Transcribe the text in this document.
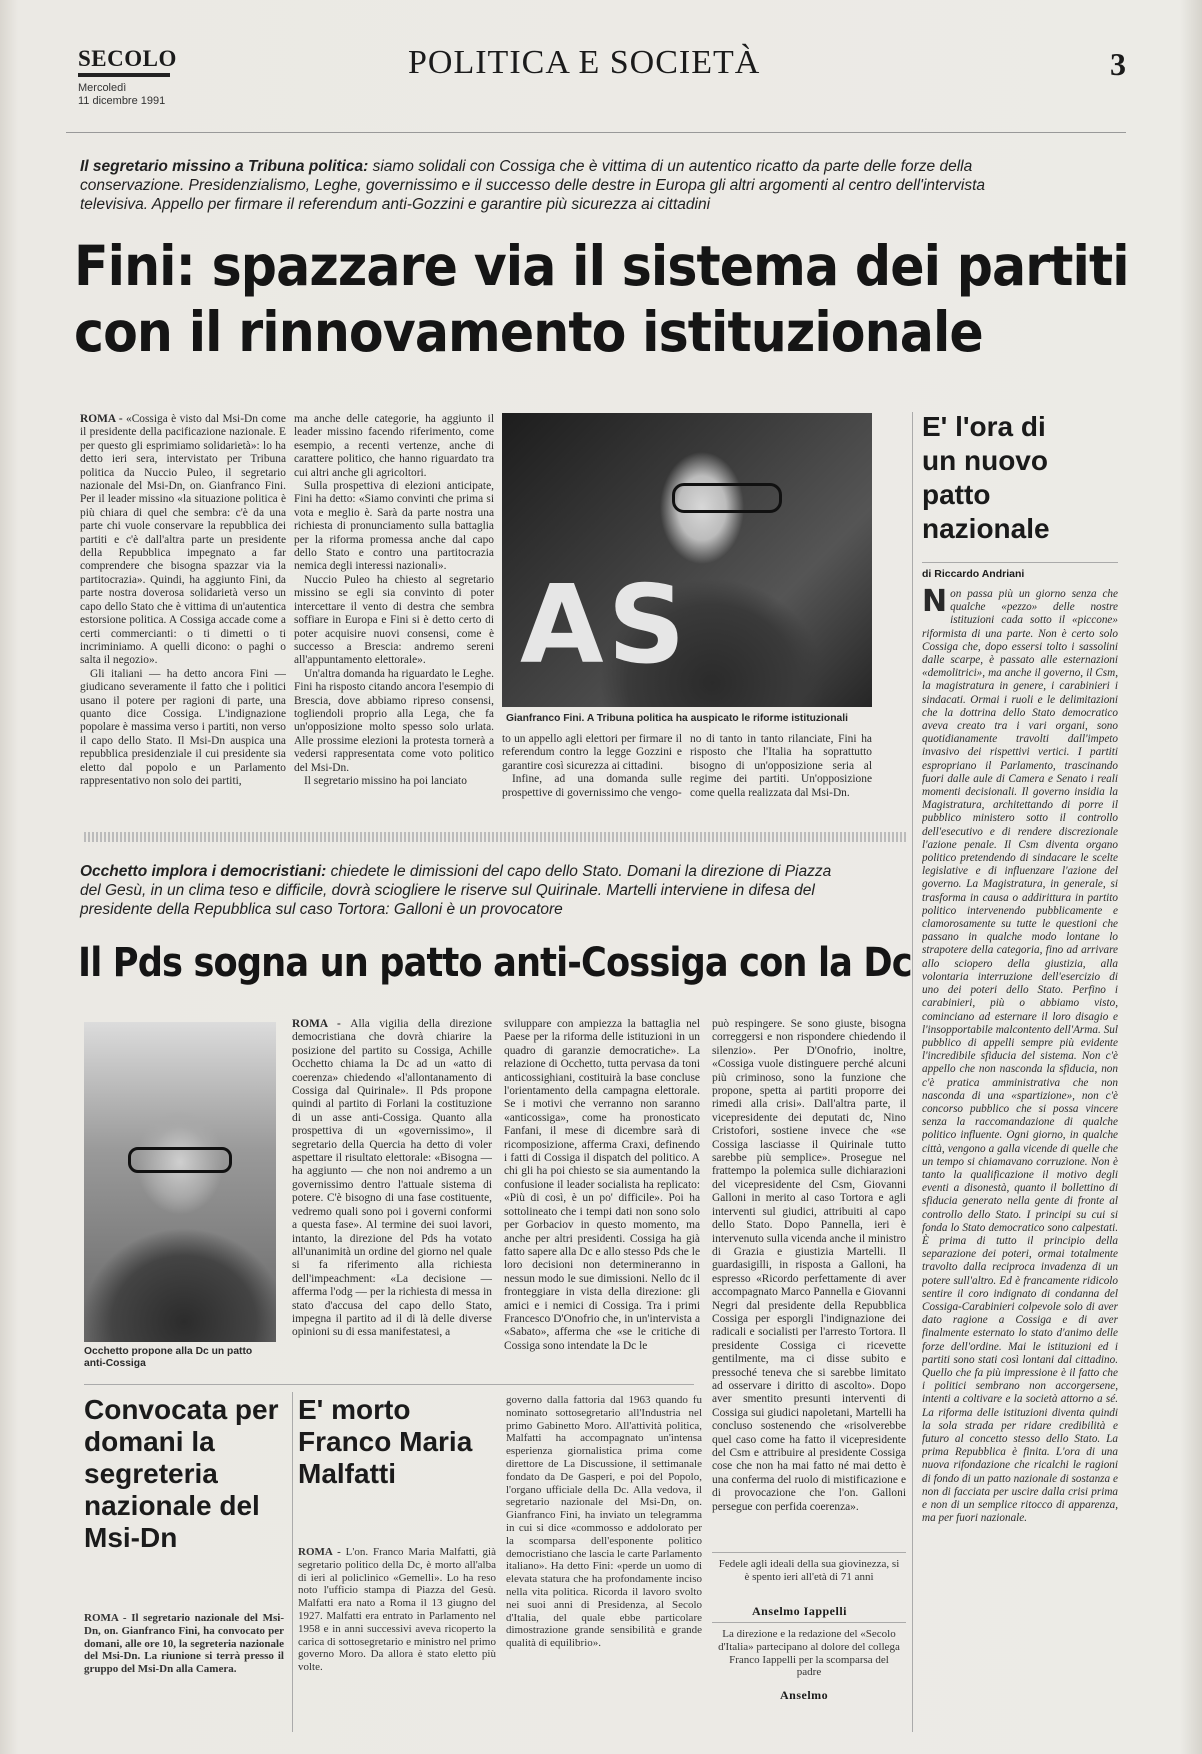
SECOLO
Mercoledì
11 dicembre 1991
POLITICA E SOCIETÀ	3
Il segretario missino a Tribuna politica: siamo solidali con Cossiga che è vittima di un autentico ricatto da parte delle forze della conservazione. Presidenzialismo, Leghe, governissimo e il successo delle destre in Europa gli altri argomenti al centro dell'intervista televisiva. Appello per firmare il referendum anti-Gozzini e garantire più sicurezza ai cittadini
Fini: spazzare via il sistema dei partiti
con il rinnovamento istituzionale
ROMA - «Cossiga è visto dal Msi-Dn come il presidente della pacificazione nazionale. E per questo gli esprimiamo solidarietà»: lo ha detto ieri sera, intervistato per Tribuna politica da Nuccio Puleo, il segretario nazionale del Msi-Dn, on. Gianfranco Fini. Per il leader missino «la situazione politica è più chiara di quel che sembra: c'è da una parte chi vuole conservare la repubblica dei partiti e c'è dall'altra parte un presidente della Repubblica impegnato a far comprendere che bisogna spazzar via la partitocrazia». Quindi, ha aggiunto Fini, da parte nostra doverosa solidarietà verso un capo dello Stato che è vittima di un'autentica estorsione politica. A Cossiga accade come a certi commercianti: o ti dimetti o ti incriminiamo. A quelli dicono: o paghi o salta il negozio».

Gli italiani — ha detto ancora Fini — giudicano severamente il fatto che i politici usano il potere per ragioni di parte, una quanto dice Cossiga. L'indignazione popolare è massima verso i partiti, non verso il capo dello Stato. Il Msi-Dn auspica una repubblica presidenziale il cui presidente sia eletto dal popolo e un Parlamento rappresentativo non solo dei partiti,

ma anche delle categorie, ha aggiunto il leader missino facendo riferimento, come esempio, a recenti vertenze, anche di carattere politico, che hanno riguardato tra cui altri anche gli agricoltori.

Sulla prospettiva di elezioni anticipate, Fini ha detto: «Siamo convinti che prima si vota e meglio è. Sarà da parte nostra una richiesta di pronunciamento sulla battaglia per la riforma promessa anche dal capo dello Stato e contro una partitocrazia nemica degli interessi nazionali».

Nuccio Puleo ha chiesto al segretario missino se egli sia convinto di poter intercettare il vento di destra che sembra soffiare in Europa e Fini si è detto certo di poter acquisire nuovi consensi, come è successo a Brescia: andremo sereni all'appuntamento elettorale».

Un'altra domanda ha riguardato le Leghe. Fini ha risposto citando ancora l'esempio di Brescia, dove abbiamo ripreso consensi, togliendoli proprio alla Lega, che fa un'opposizione molto spesso solo urlata. Alle prossime elezioni la protesta tornerà a vedersi rappresentata come voto politico del Msi-Dn.

Il segretario missino ha poi lanciato

AS
Gianfranco Fini. A Tribuna politica ha auspicato le riforme istituzionali
to un appello agli elettori per firmare il referendum contro la legge Gozzini e garantire così sicurezza ai cittadini.

Infine, ad una domanda sulle prospettive di governissimo che vengo-

no di tanto in tanto rilanciate, Fini ha risposto che l'Italia ha soprattutto bisogno di un'opposizione seria al regime dei partiti. Un'opposizione come quella realizzata dal Msi-Dn.
E' l'ora di un nuovo patto nazionale
di Riccardo Andriani
Non passa più un giorno senza che qualche «pezzo» delle nostre istituzioni cada sotto il «piccone» riformista di una parte. Non è certo solo Cossiga che, dopo essersi tolto i sassolini dalle scarpe, è passato alle esternazioni «demolitrici», ma anche il governo, il Csm, la magistratura in genere, i carabinieri i sindacati. Ormai i ruoli e le delimitazioni che la dottrina dello Stato democratico aveva creato tra i vari organi, sono quotidianamente travolti dall'impeto invasivo dei rispettivi vertici. I partiti espropriano il Parlamento, trascinando fuori dalle aule di Camera e Senato i reali momenti decisionali. Il governo insidia la Magistratura, architettando di porre il pubblico ministero sotto il controllo dell'esecutivo e di rendere discrezionale l'azione penale. Il Csm diventa organo politico pretendendo di sindacare le scelte legislative e di influenzare l'azione del governo. La Magistratura, in generale, si trasforma in causa o addirittura in partito politico intervenendo pubblicamente e clamorosamente su tutte le questioni che passano in qualche modo lontane lo strapotere della categoria, fino ad arrivare allo sciopero della giustizia, alla volontaria interruzione dell'esercizio di uno dei poteri dello Stato. Perfino i carabinieri, più o abbiamo visto, cominciano ad esternare il loro disagio e l'insopportabile malcontento dell'Arma. Sul pubblico di appelli sempre più evidente l'incredibile sfiducia del sistema. Non c'è appello che non nasconda la sfiducia, non c'è pratica amministrativa che non nasconda di una «spartizione», non c'è concorso pubblico che si possa vincere senza la raccomandazione di qualche politico influente. Ogni giorno, in qualche città, vengono a galla vicende di quelle che un tempo si chiamavano corruzione. Non è tanto la qualificazione il motivo degli eventi a disonestà, quanto il bollettino di sfiducia generato nella gente di fronte al controllo dello Stato. I principi su cui si fonda lo Stato democratico sono calpestati. È prima di tutto il principio della separazione dei poteri, ormai totalmente travolto dalla reciproca invadenza di un potere sull'altro. Ed è francamente ridicolo sentire il coro indignato di condanna del Cossiga-Carabinieri colpevole solo di aver dato ragione a Cossiga e di aver finalmente esternato lo stato d'animo delle forze dell'ordine. Mai le istituzioni ed i partiti sono stati così lontani dal cittadino. Quello che fa più impressione è il fatto che i politici sembrano non accorgersene, intenti a coltivare e la società attorno a sé. La riforma delle istituzioni diventa quindi la sola strada per ridare credibilità e futuro al concetto stesso dello Stato. La prima Repubblica è finita. L'ora di una nuova rifondazione che ricalchi le ragioni di fondo di un patto nazionale di sostanza e non di facciata per uscire dalla crisi prima e non di un semplice ritocco di apparenza, ma per fuori nazionale.
Occhetto implora i democristiani: chiedete le dimissioni del capo dello Stato. Domani la direzione di Piazza del Gesù, in un clima teso e difficile, dovrà sciogliere le riserve sul Quirinale. Martelli interviene in difesa del presidente della Repubblica sul caso Tortora: Galloni è un provocatore
Il Pds sogna un patto anti-Cossiga con la Dc
Occhetto propone alla Dc un patto anti-Cossiga
ROMA - Alla vigilia della direzione democristiana che dovrà chiarire la posizione del partito su Cossiga, Achille Occhetto chiama la Dc ad un «atto di coerenza» chiedendo «l'allontanamento di Cossiga dal Quirinale». Il Pds propone quindi al partito di Forlani la costituzione di un asse anti-Cossiga. Quanto alla prospettiva di un «governissimo», il segretario della Quercia ha detto di voler aspettare il risultato elettorale: «Bisogna — ha aggiunto — che non noi andremo a un governissimo dentro l'attuale sistema di potere. C'è bisogno di una fase costituente, vedremo quali sono poi i governi conformi a questa fase». Al termine dei suoi lavori, intanto, la direzione del Pds ha votato all'unanimità un ordine del giorno nel quale si fa riferimento alla richiesta dell'impeachment: «La decisione — afferma l'odg — per la richiesta di messa in stato d'accusa del capo dello Stato, impegna il partito ad il di là delle diverse opinioni su di essa manifestatesi, a
sviluppare con ampiezza la battaglia nel Paese per la riforma delle istituzioni in un quadro di garanzie democratiche». La relazione di Occhetto, tutta pervasa da toni anticossighiani, costituirà la base concluse l'orientamento della campagna elettorale. Se i motivi che verranno non saranno «anticossiga», come ha pronosticato Fanfani, il mese di dicembre sarà di ricomposizione, afferma Craxi, definendo i fatti di Cossiga il dispatch del politico. A chi gli ha poi chiesto se sia aumentando la confusione il leader socialista ha replicato: «Più di così, è un po' difficile». Poi ha sottolineato che i tempi dati non sono solo per Gorbaciov in questo momento, ma anche per altri presidenti. Cossiga ha già fatto sapere alla Dc e allo stesso Pds che le loro decisioni non determineranno in nessun modo le sue dimissioni. Nello dc il fronteggiare in vista della direzione: gli amici e i nemici di Cossiga. Tra i primi Francesco D'Onofrio che, in un'intervista a «Sabato», afferma che «se le critiche di Cossiga sono intendate la Dc le
può respingere. Se sono giuste, bisogna correggersi e non rispondere chiedendo il silenzio». Per D'Onofrio, inoltre, «Cossiga vuole distinguere perché alcuni più criminoso, sono la funzione che propone, spetta ai partiti proporre dei rimedi alla crisi». Dall'altra parte, il vicepresidente dei deputati dc, Nino Cristofori, sostiene invece che «se Cossiga lasciasse il Quirinale tutto sarebbe più semplice». Prosegue nel frattempo la polemica sulle dichiarazioni del vicepresidente del Csm, Giovanni Galloni in merito al caso Tortora e agli interventi sul giudici, attribuiti al capo dello Stato. Dopo Pannella, ieri è intervenuto sulla vicenda anche il ministro di Grazia e giustizia Martelli. Il guardasigilli, in risposta a Galloni, ha espresso «Ricordo perfettamente di aver accompagnato Marco Pannella e Giovanni Negri dal presidente della Repubblica Cossiga per esporgli l'indignazione dei radicali e socialisti per l'arresto Tortora. Il presidente Cossiga ci ricevette gentilmente, ma ci disse subito e pressoché teneva che si sarebbe limitato ad osservare i diritto di ascolto». Dopo aver smentito presunti interventi di Cossiga sui giudici napoletani, Martelli ha concluso sostenendo che «risolverebbe quel caso come ha fatto il vicepresidente del Csm e attribuire al presidente Cossiga cose che non ha mai fatto né mai detto è una conferma del ruolo di mistificazione e di provocazione che l'on. Galloni persegue con perfida coerenza».
Convocata per domani la segreteria nazionale del Msi-Dn
ROMA - Il segretario nazionale del Msi-Dn, on. Gianfranco Fini, ha convocato per domani, alle ore 10, la segreteria nazionale del Msi-Dn. La riunione si terrà presso il gruppo del Msi-Dn alla Camera.
E' morto Franco Maria Malfatti
ROMA - L'on. Franco Maria Malfatti, già segretario politico della Dc, è morto all'alba di ieri al policlinico «Gemelli». Lo ha reso noto l'ufficio stampa di Piazza del Gesù. Malfatti era nato a Roma il 13 giugno del 1927. Malfatti era entrato in Parlamento nel 1958 e in anni successivi aveva ricoperto la carica di sottosegretario e ministro nel primo governo Moro. Da allora è stato eletto più volte.
governo dalla fattoria dal 1963 quando fu nominato sottosegretario all'Industria nel primo Gabinetto Moro. All'attività politica, Malfatti ha accompagnato un'intensa esperienza giornalistica prima come direttore de La Discussione, il settimanale fondato da De Gasperi, e poi del Popolo, l'organo ufficiale della Dc. Alla vedova, il segretario nazionale del Msi-Dn, on. Gianfranco Fini, ha inviato un telegramma in cui si dice «commosso e addolorato per la scomparsa dell'esponente politico democristiano che lascia le carte Parlamento italiano». Ha detto Fini: «perde un uomo di elevata statura che ha profondamente inciso nella vita politica. Ricorda il lavoro svolto nei suoi anni di Presidenza, al Secolo d'Italia, del quale ebbe particolare dimostrazione grande sensibilità e grande qualità di equilibrio».
Fedele agli ideali della sua giovinezza, si è spento ieri all'età di 71 anni
Anselmo Iappelli
La direzione e la redazione del «Secolo d'Italia» partecipano al dolore del collega Franco Iappelli per la scomparsa del padre
Anselmo
